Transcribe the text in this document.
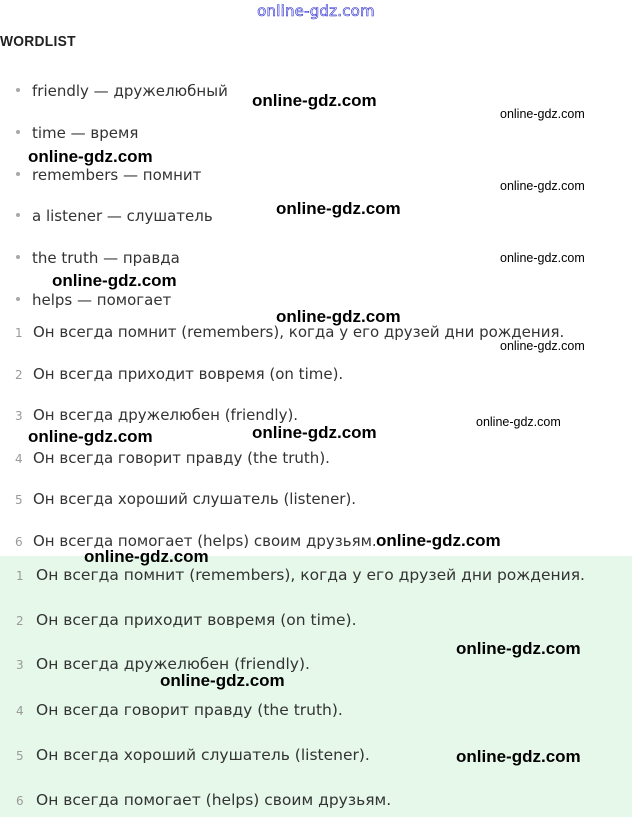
online-gdz.com
WORDLIST
friendly — дружелюбный
time — время
remembers — помнит
a listener — слушатель
the truth — правда
helps — помогает
1 Он всегда помнит (remembers), когда у его друзей дни рождения.
2 Он всегда приходит вовремя (on time).
3 Он всегда дружелюбен (friendly).
4 Он всегда говорит правду (the truth).
5 Он всегда хороший слушатель (listener).
6 Он всегда помогает (helps) своим друзьям.
1 Он всегда помнит (remembers), когда у его друзей дни рождения.
2 Он всегда приходит вовремя (on time).
3 Он всегда дружелюбен (friendly).
4 Он всегда говорит правду (the truth).
5 Он всегда хороший слушатель (listener).
6 Он всегда помогает (helps) своим друзьям.
online-gdz.com
online-gdz.com
online-gdz.com
online-gdz.com
online-gdz.com
online-gdz.com
online-gdz.com
online-gdz.com
online-gdz.com
online-gdz.com
online-gdz.com	online-gdz.com
online-gdz.com
online-gdz.com
online-gdz.com
online-gdz.com
online-gdz.com
